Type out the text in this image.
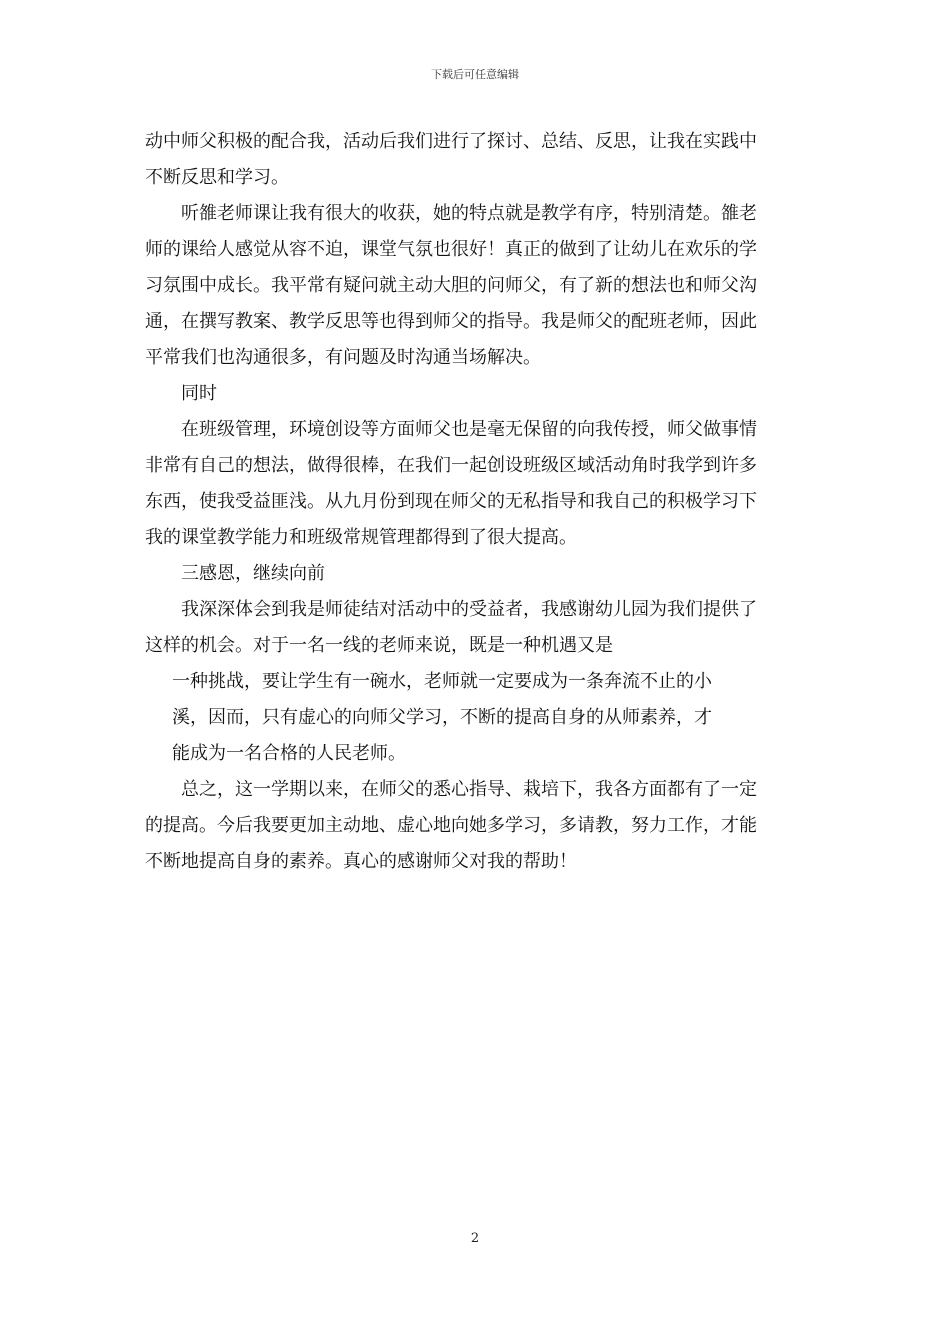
下载后可任意编辑
动中师父积极的配合我，活动后我们进行了探讨、总结、反思，让我在实践中
不断反思和学习。
听雒老师课让我有很大的收获，她的特点就是教学有序，特别清楚。雒老
师的课给人感觉从容不迫，课堂气氛也很好！真正的做到了让幼儿在欢乐的学
习氛围中成长。我平常有疑问就主动大胆的问师父，有了新的想法也和师父沟
通，在撰写教案、教学反思等也得到师父的指导。我是师父的配班老师，因此
平常我们也沟通很多，有问题及时沟通当场解决。
同时
在班级管理，环境创设等方面师父也是毫无保留的向我传授，师父做事情
非常有自己的想法，做得很棒，在我们一起创设班级区域活动角时我学到许多
东西，使我受益匪浅。从九月份到现在师父的无私指导和我自己的积极学习下
我的课堂教学能力和班级常规管理都得到了很大提高。
三感恩，继续向前
我深深体会到我是师徒结对活动中的受益者，我感谢幼儿园为我们提供了
这样的机会。对于一名一线的老师来说，既是一种机遇又是
一种挑战，要让学生有一碗水，老师就一定要成为一条奔流不止的小
溪，因而，只有虚心的向师父学习，不断的提高自身的从师素养，才
能成为一名合格的人民老师。
总之，这一学期以来，在师父的悉心指导、栽培下，我各方面都有了一定
的提高。今后我要更加主动地、虚心地向她多学习，多请教，努力工作，才能
不断地提高自身的素养。真心的感谢师父对我的帮助！
2
